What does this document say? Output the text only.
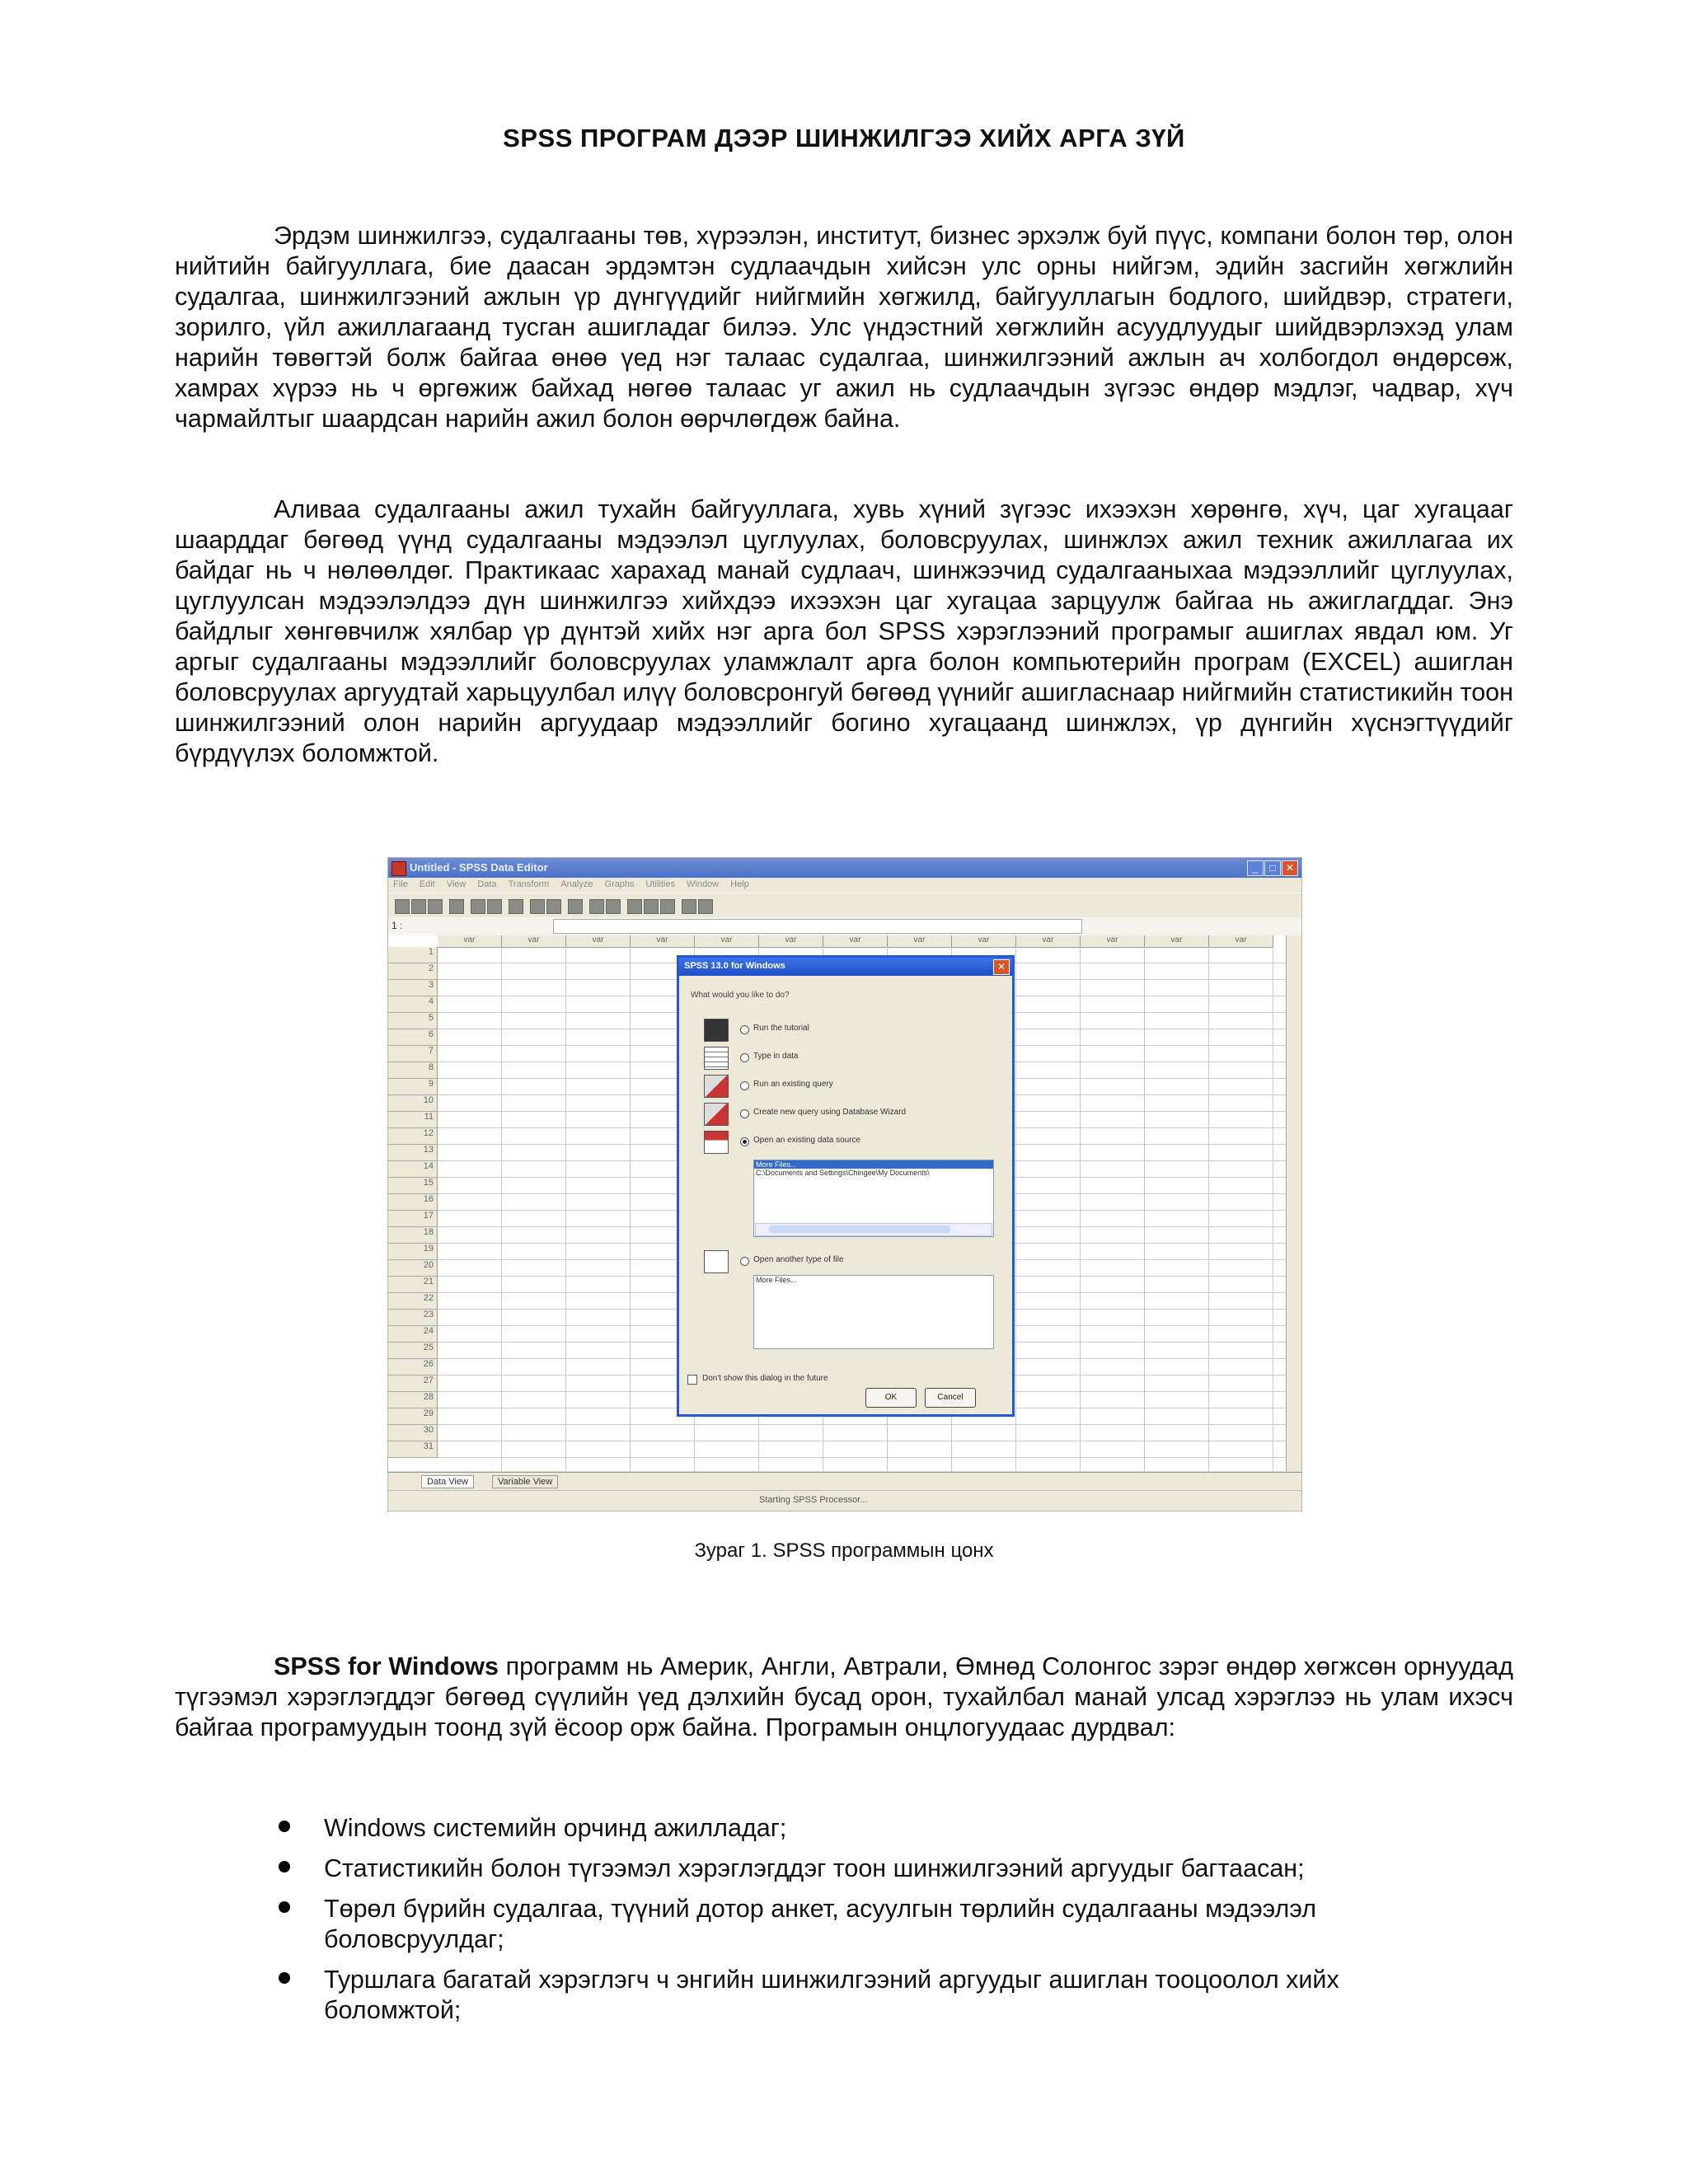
SPSS ПРОГРАМ ДЭЭР ШИНЖИЛГЭЭ ХИЙХ АРГА ЗҮЙ

Эрдэм шинжилгээ, судалгааны төв, хүрээлэн, институт, бизнес эрхэлж буй пүүс, компани болон төр, олон нийтийн байгууллага, бие даасан эрдэмтэн судлаачдын хийсэн улс орны нийгэм, эдийн засгийн хөгжлийн судалгаа, шинжилгээний ажлын үр дүнгүүдийг нийгмийн хөгжилд, байгууллагын бодлого, шийдвэр, стратеги, зорилго, үйл ажиллагаанд тусган ашигладаг билээ. Улс үндэстний хөгжлийн асуудлуудыг шийдвэрлэхэд улам нарийн төвөгтэй болж байгаа өнөө үед нэг талаас судалгаа, шинжилгээний ажлын ач холбогдол өндөрсөж, хамрах хүрээ нь ч өргөжиж байхад нөгөө талаас уг ажил нь судлаачдын зүгээс өндөр мэдлэг, чадвар, хүч чармайлтыг шаардсан нарийн ажил болон өөрчлөгдөж байна.

Аливаа судалгааны ажил тухайн байгууллага, хувь хүний зүгээс ихээхэн хөрөнгө, хүч, цаг хугацааг шаарддаг бөгөөд үүнд судалгааны мэдээлэл цуглуулах, боловсруулах, шинжлэх ажил техник ажиллагаа их байдаг нь ч нөлөөлдөг. Практикаас харахад манай судлаач, шинжээчид судалгааныхаа мэдээллийг цуглуулах, цуглуулсан мэдээлэлдээ дүн шинжилгээ хийхдээ ихээхэн цаг хугацаа зарцуулж байгаа нь ажиглагддаг. Энэ байдлыг хөнгөвчилж хялбар үр дүнтэй хийх нэг арга бол SPSS хэрэглээний програмыг ашиглах явдал юм. Уг аргыг судалгааны мэдээллийг боловсруулах уламжлалт арга болон компьютерийн програм (EXCEL) ашиглан боловсруулах аргуудтай харьцуулбал илүү боловсронгуй бөгөөд үүнийг ашигласнаар нийгмийн статистикийн тоон шинжилгээний олон нарийн аргуудаар мэдээллийг богино хугацаанд шинжлэх, үр дүнгийн хүснэгтүүдийг бүрдүүлэх боломжтой.

Untitled - SPSS Data Editor	_	□	✕
File Edit View Data Transform Analyze Graphs Utilities Window Help
1 :
var	var	var	var	var	var	var	var	var	var	var	var	var
1
2
3
4
5
6
7
8
9
10
11
12
13
14
15
16
17
18
19
20
21
22
23
24
25
26
27
28
29
30
31
Data View	Variable View
Starting SPSS Processor...
SPSS 13.0 for Windows	✕
What would you like to do?
Run the tutorial
Type in data
Run an existing query
Create new query using Database Wizard
Open an existing data source
More Files...
C:\Documents and Settings\Chingee\My Documents\
Open another type of file
More Files...
Don't show this dialog in the future
OK	Cancel
Зураг 1. SPSS программын цонх

SPSS for Windows программ нь Америк, Англи, Автрали, Өмнөд Солонгос зэрэг өндөр хөгжсөн орнуудад түгээмэл хэрэглэгддэг бөгөөд сүүлийн үед дэлхийн бусад орон, тухайлбал манай улсад хэрэглээ нь улам ихэсч байгаа програмуудын тоонд зүй ёсоор орж байна. Програмын онцлогуудаас дурдвал:

Windows системийн орчинд ажилладаг;
Статистикийн болон түгээмэл хэрэглэгддэг тоон шинжилгээний аргуудыг багтаасан;
Төрөл бүрийн судалгаа, түүний дотор анкет, асуулгын төрлийн судалгааны мэдээлэл боловсруулдаг;
Туршлага багатай хэрэглэгч ч энгийн шинжилгээний аргуудыг ашиглан тооцоолол хийх боломжтой;
